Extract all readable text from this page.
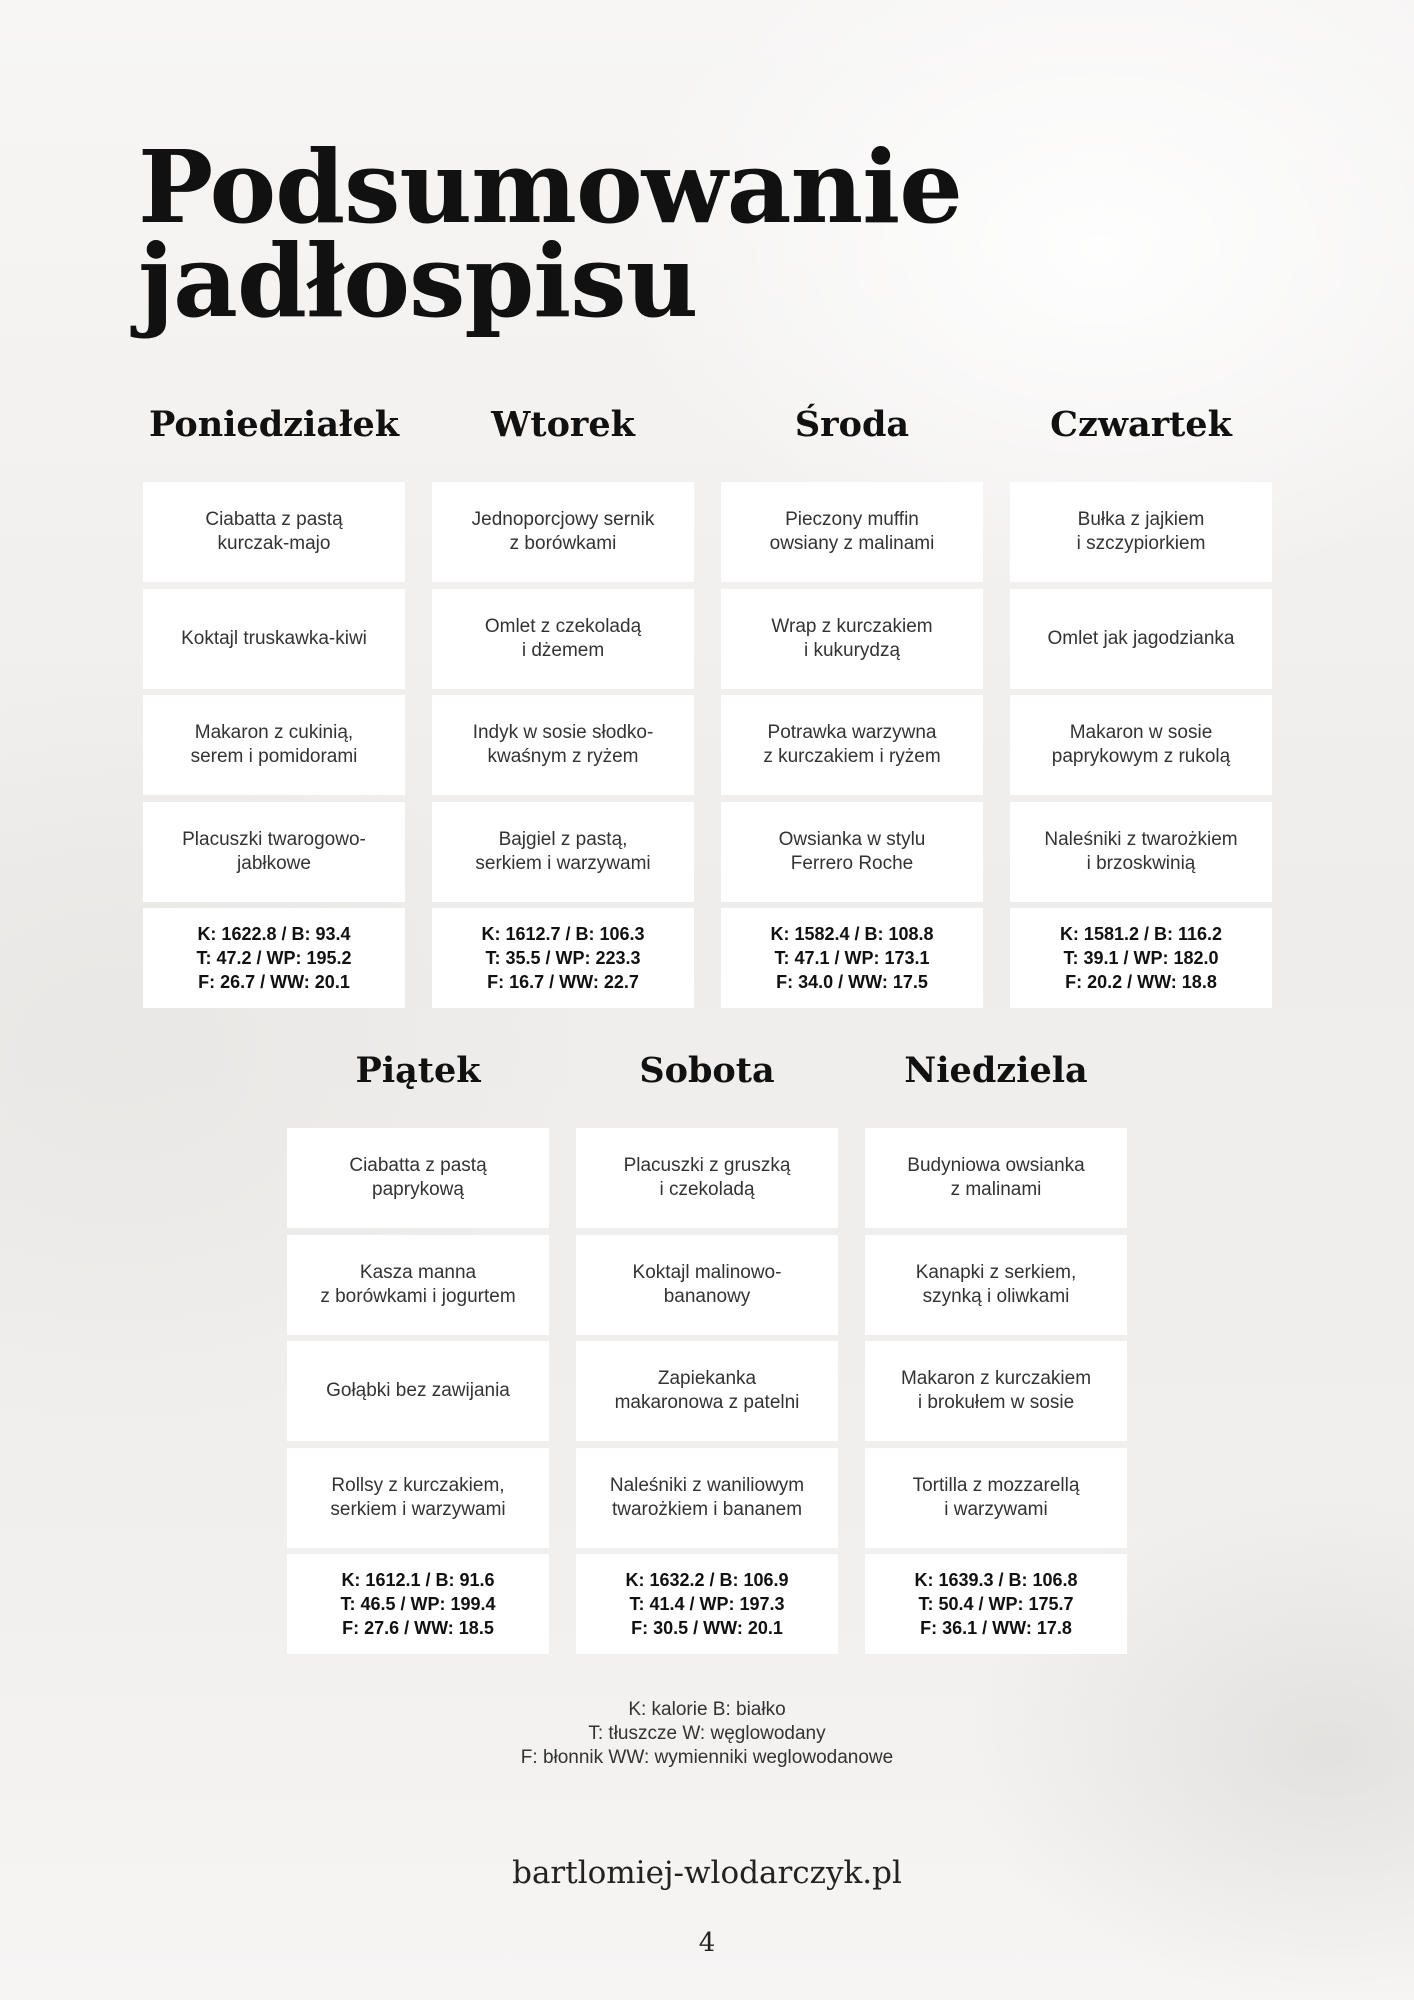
Podsumowanie
jadłospisu
Poniedziałek
Ciabatta z pastą
kurczak-majo
Koktajl truskawka-kiwi
Makaron z cukinią,
serem i pomidorami
Placuszki twarogowo-
jabłkowe
K: 1622.8 / B: 93.4
T: 47.2 / WP: 195.2
F: 26.7 / WW: 20.1
Wtorek
Jednoporcjowy sernik
z borówkami
Omlet z czekoladą
i dżemem
Indyk w sosie słodko-
kwaśnym z ryżem
Bajgiel z pastą,
serkiem i warzywami
K: 1612.7 / B: 106.3
T: 35.5 / WP: 223.3
F: 16.7 / WW: 22.7
Środa
Pieczony muffin
owsiany z malinami
Wrap z kurczakiem
i kukurydzą
Potrawka warzywna
z kurczakiem i ryżem
Owsianka w stylu
Ferrero Roche
K: 1582.4 / B: 108.8
T: 47.1 / WP: 173.1
F: 34.0 / WW: 17.5
Czwartek
Bułka z jajkiem
i szczypiorkiem
Omlet jak jagodzianka
Makaron w sosie
paprykowym z rukolą
Naleśniki z twarożkiem
i brzoskwinią
K: 1581.2 / B: 116.2
T: 39.1 / WP: 182.0
F: 20.2 / WW: 18.8
Piątek
Ciabatta z pastą
paprykową
Kasza manna
z borówkami i jogurtem
Gołąbki bez zawijania
Rollsy z kurczakiem,
serkiem i warzywami
K: 1612.1 / B: 91.6
T: 46.5 / WP: 199.4
F: 27.6 / WW: 18.5
Sobota
Placuszki z gruszką
i czekoladą
Koktajl malinowo-
bananowy
Zapiekanka
makaronowa z patelni
Naleśniki z waniliowym
twarożkiem i bananem
K: 1632.2 / B: 106.9
T: 41.4 / WP: 197.3
F: 30.5 / WW: 20.1
Niedziela
Budyniowa owsianka
z malinami
Kanapki z serkiem,
szynką i oliwkami
Makaron z kurczakiem
i brokułem w sosie
Tortilla z mozzarellą
i warzywami
K: 1639.3 / B: 106.8
T: 50.4 / WP: 175.7
F: 36.1 / WW: 17.8
K: kalorie B: białko
T: tłuszcze W: węglowodany
F: błonnik WW: wymienniki weglowodanowe
bartlomiej-wlodarczyk.pl
4
